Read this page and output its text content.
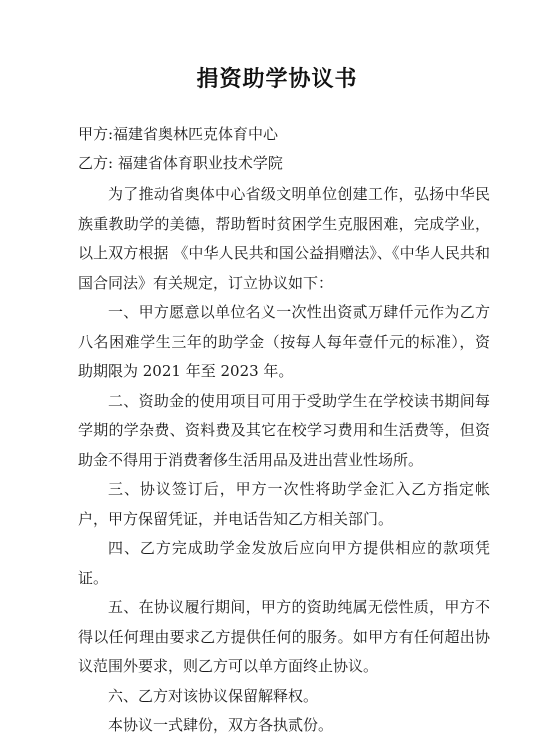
捐资助学协议书
甲方:福建省奥林匹克体育中心
乙方: 福建省体育职业技术学院

为了推动省奥体中心省级文明单位创建工作，弘扬中华民族重教助学的美德，帮助暂时贫困学生克服困难，完成学业，以上双方根据 《中华人民共和国公益捐赠法》、《中华人民共和国合同法》有关规定，订立协议如下：

一、甲方愿意以单位名义一次性出资贰万肆仟元作为乙方八名困难学生三年的助学金（按每人每年壹仟元的标准），资助期限为 2021 年至 2023 年。

二、资助金的使用项目可用于受助学生在学校读书期间每学期的学杂费、资料费及其它在校学习费用和生活费等，但资助金不得用于消费奢侈生活用品及进出营业性场所。

三、协议签订后，甲方一次性将助学金汇入乙方指定帐户，甲方保留凭证，并电话告知乙方相关部门。

四、乙方完成助学金发放后应向甲方提供相应的款项凭证。

五、在协议履行期间，甲方的资助纯属无偿性质，甲方不得以任何理由要求乙方提供任何的服务。如甲方有任何超出协议范围外要求，则乙方可以单方面终止协议。

六、乙方对该协议保留解释权。

本协议一式肆份，双方各执贰份。
